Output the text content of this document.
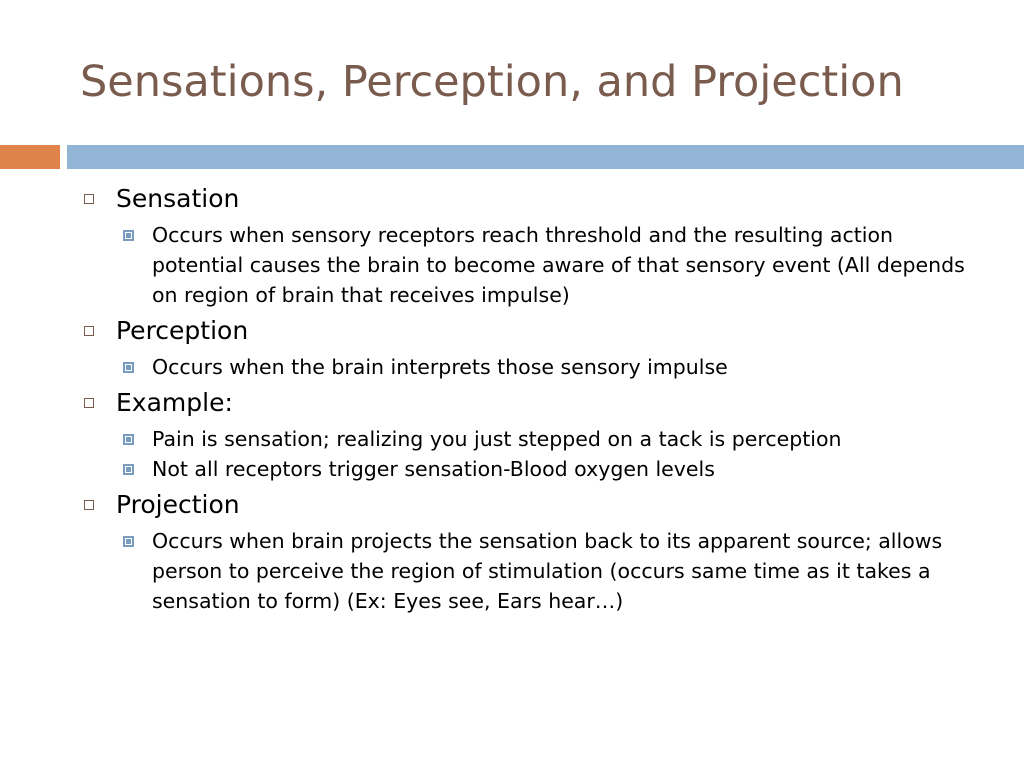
Sensations, Perception, and Projection
Sensation
Occurs when sensory receptors reach threshold and the resulting action potential causes the brain to become aware of that sensory event (All depends on region of brain that receives impulse)
Perception
Occurs when the brain interprets those sensory impulse
Example:
Pain is sensation; realizing you just stepped on a tack is perception
Not all receptors trigger sensation-Blood oxygen levels
Projection
Occurs when brain projects the sensation back to its apparent source; allows person to perceive the region of stimulation (occurs same time as it takes a sensation to form) (Ex: Eyes see, Ears hear…)
